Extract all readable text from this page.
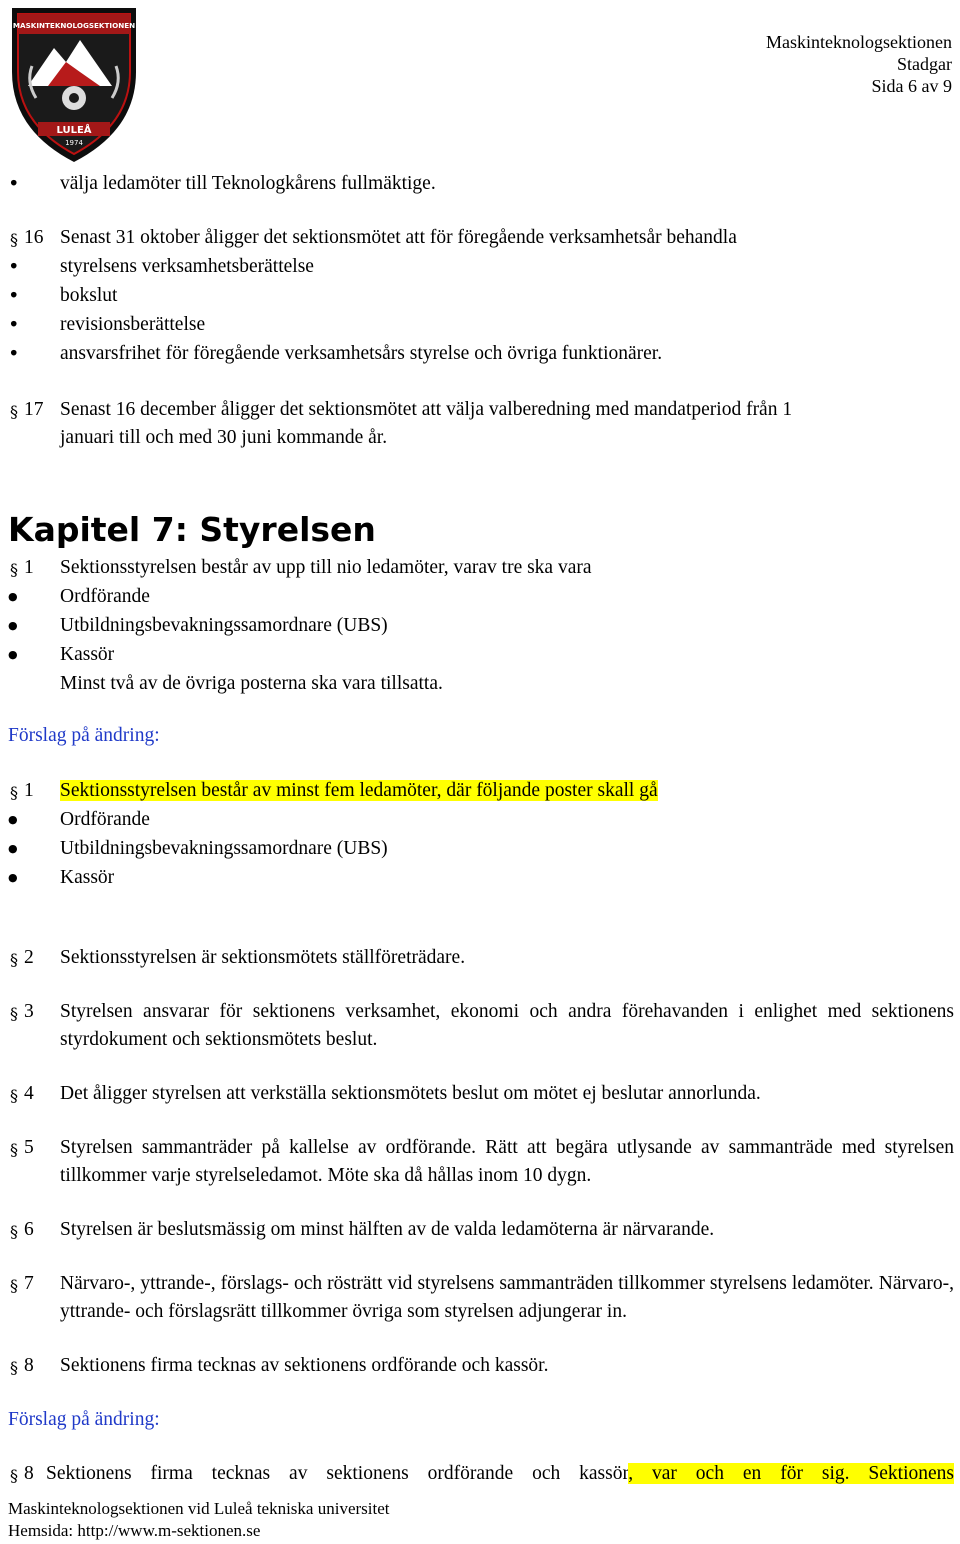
MASKINTEKNOLOGSEKTIONEN
LULEÅ
1974
Maskinteknologsektionen
Stadgar
Sida 6 av 9
•
välja ledamöter till Teknologkårens fullmäktige.
§ 16 Senast 31 oktober åligger det sektionsmötet att för föregående verksamhetsår behandla
•
styrelsens verksamhetsberättelse
•
bokslut
•
revisionsberättelse
•
ansvarsfrihet för föregående verksamhetsårs styrelse och övriga funktionärer.
§ 17 Senast 16 december åligger det sektionsmötet att välja valberedning med mandatperiod från 1
januari till och med 30 juni kommande år.
Kapitel 7: Styrelsen
§ 1 Sektionsstyrelsen består av upp till nio ledamöter, varav tre ska vara
●
Ordförande
●
Utbildningsbevakningssamordnare (UBS)
●
Kassör
Minst två av de övriga posterna ska vara tillsatta.
Förslag på ändring:
§ 1 Sektionsstyrelsen består av minst fem ledamöter, där följande poster skall gå
●
Ordförande
●
Utbildningsbevakningssamordnare (UBS)
●
Kassör
§ 2 Sektionsstyrelsen är sektionsmötets ställföreträdare.
§ 3 Styrelsen ansvarar för sektionens verksamhet, ekonomi och andra förehavanden i enlighet med sektionens styrdokument och sektionsmötets beslut.
§ 4 Det åligger styrelsen att verkställa sektionsmötets beslut om mötet ej beslutar annorlunda.
§ 5 Styrelsen sammanträder på kallelse av ordförande. Rätt att begära utlysande av sammanträde med styrelsen tillkommer varje styrelseledamot. Möte ska då hållas inom 10 dygn.
§ 6 Styrelsen är beslutsmässig om minst hälften av de valda ledamöterna är närvarande.
§ 7 Närvaro-, yttrande-, förslags- och rösträtt vid styrelsens sammanträden tillkommer styrelsens ledamöter. Närvaro-, yttrande- och förslagsrätt tillkommer övriga som styrelsen adjungerar in.
§ 8 Sektionens firma tecknas av sektionens ordförande och kassör.
Förslag på ändring:
§ 8 Sektionens firma tecknas av sektionens ordförande och kassör, var och en för sig. Sektionens
Maskinteknologsektionen vid Luleå tekniska universitet
Hemsida: http://www.m-sektionen.se
